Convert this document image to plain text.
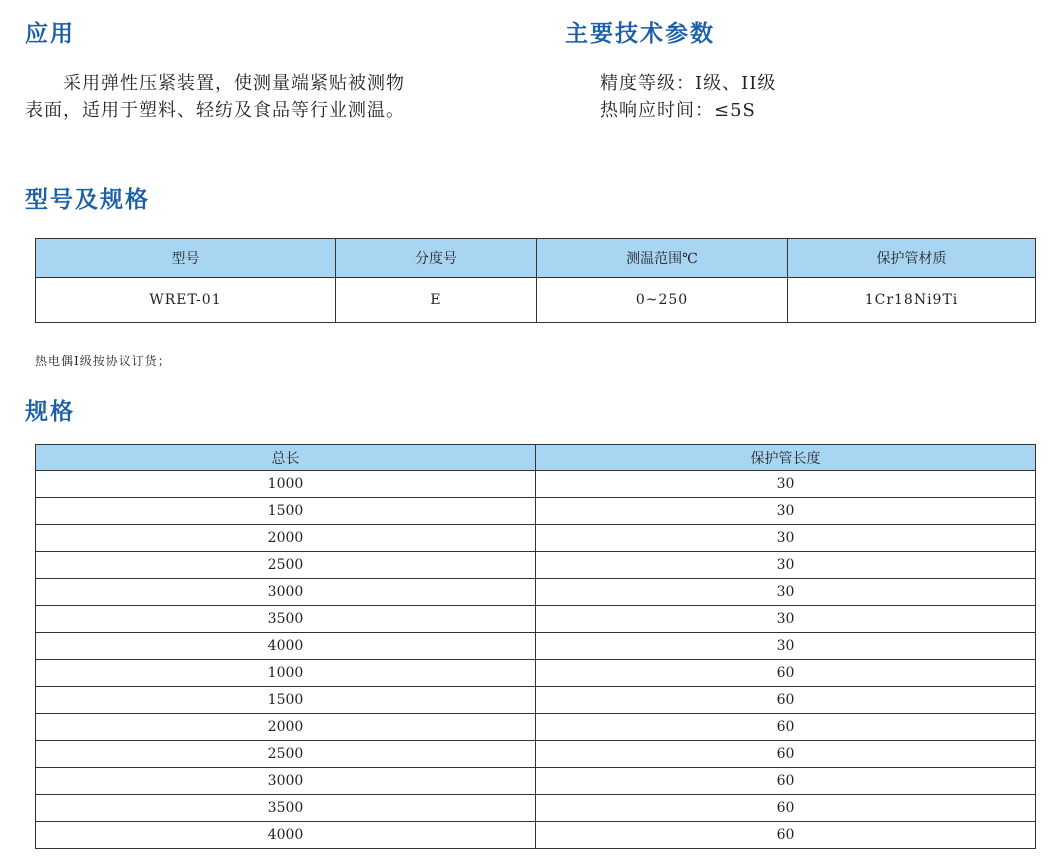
应用
采用弹性压紧装置，使测量端紧贴被测物
表面，适用于塑料、轻纺及食品等行业测温。
主要技术参数
精度等级：I级、II级
热响应时间：≤5S
型号及规格
型号	分度号	测温范围℃	保护管材质
WRET-01	E	0~250	1Cr18Ni9Ti
热电偶I级按协议订货；
规格
总长	保护管长度
1000	30
1500	30
2000	30
2500	30
3000	30
3500	30
4000	30
1000	60
1500	60
2000	60
2500	60
3000	60
3500	60
4000	60
